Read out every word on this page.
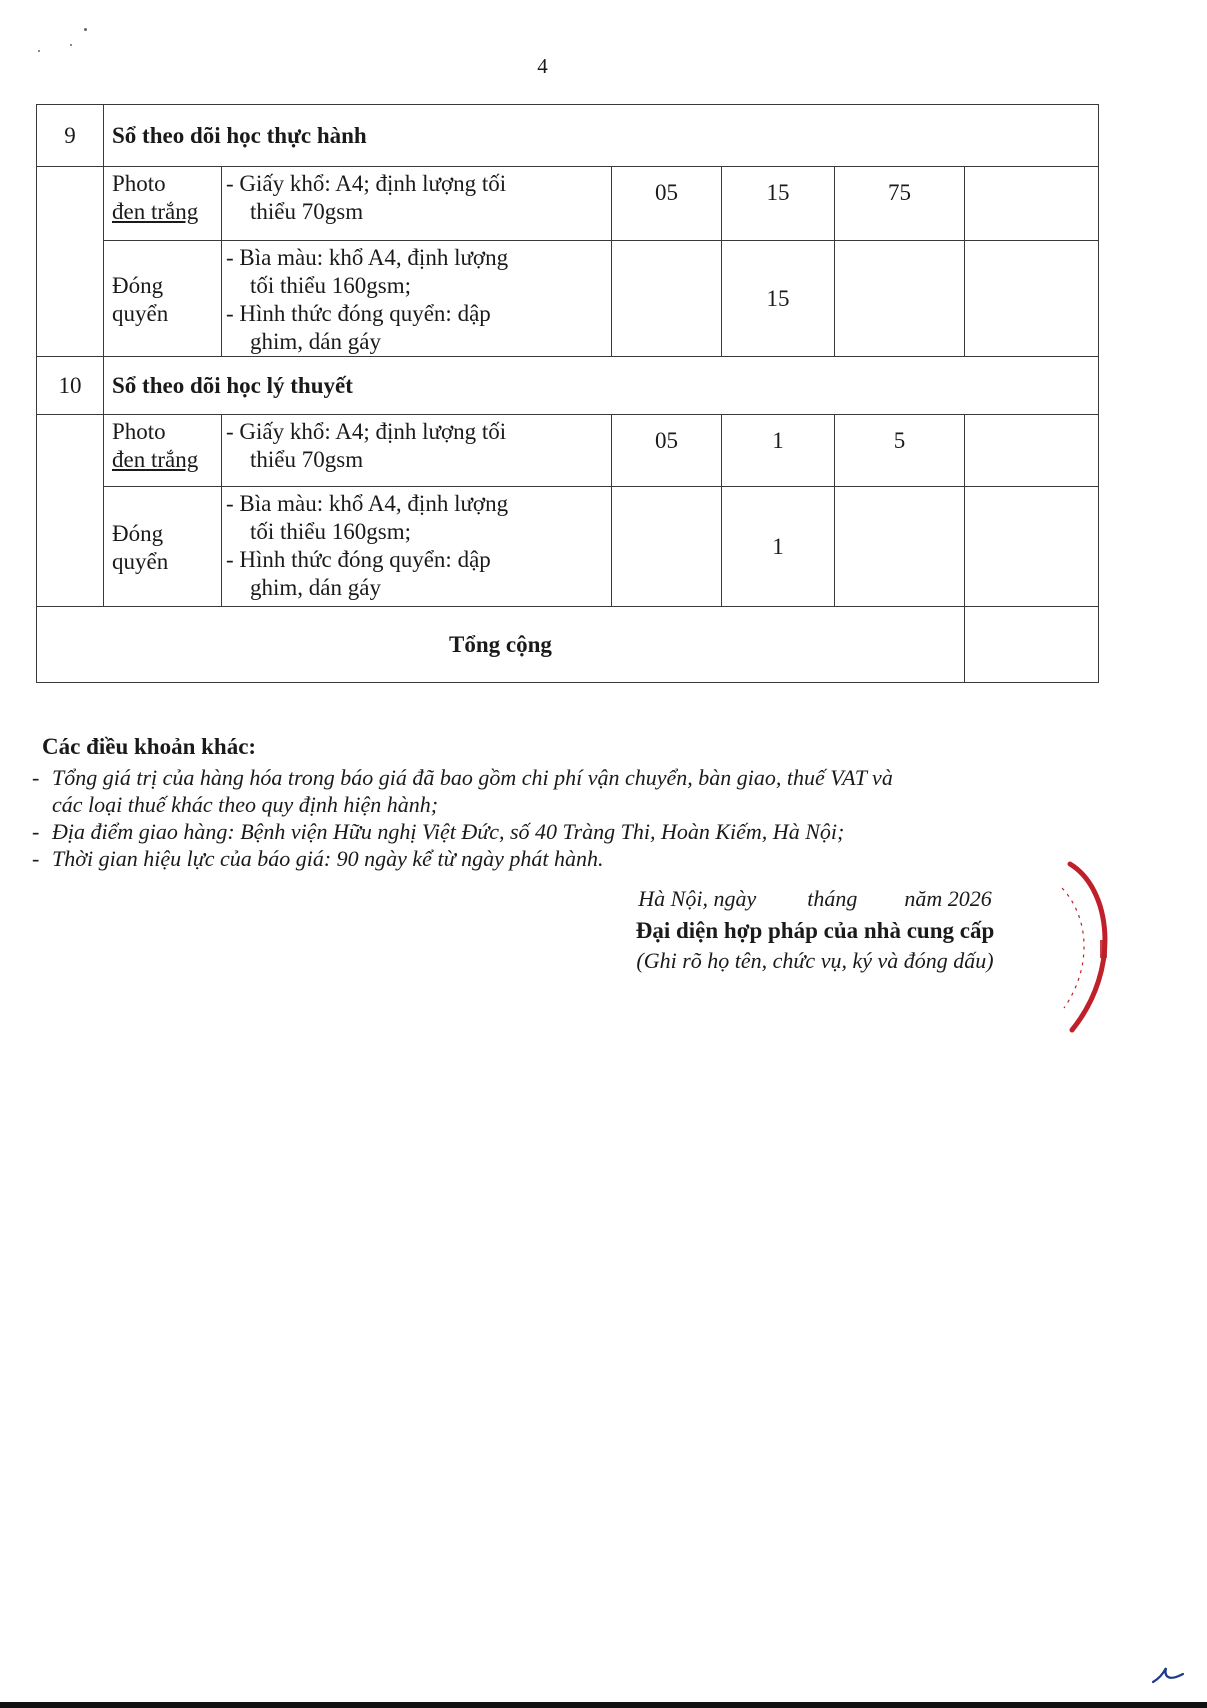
4
9	Sổ theo dõi học thực hành					

	Photo
đen trắng	- Giấy khổ: A4; định lượng tối
thiểu 70gsm	05	15	75	

	Đóng
quyển	- Bìa màu: khổ A4, định lượng
tối thiểu 160gsm;
- Hình thức đóng quyển: dập
ghim, dán gáy		15		
10	Sổ theo dõi học lý thuyết					

	Photo
đen trắng	- Giấy khổ: A4; định lượng tối
thiểu 70gsm	05	1	5	

	Đóng
quyển	- Bìa màu: khổ A4, định lượng
tối thiểu 160gsm;
- Hình thức đóng quyển: dập
ghim, dán gáy		1		
Tổng cộng						
Các điều khoản khác:
- Tổng giá trị của hàng hóa trong báo giá đã bao gồm chi phí vận chuyển, bàn giao, thuế VAT và
các loại thuế khác theo quy định hiện hành;
- Địa điểm giao hàng: Bệnh viện Hữu nghị Việt Đức, số 40 Tràng Thi, Hoàn Kiếm, Hà Nội;
- Thời gian hiệu lực của báo giá: 90 ngày kể từ ngày phát hành.
Hà Nội, ngày tháng năm 2026
Đại diện hợp pháp của nhà cung cấp
(Ghi rõ họ tên, chức vụ, ký và đóng dấu)
